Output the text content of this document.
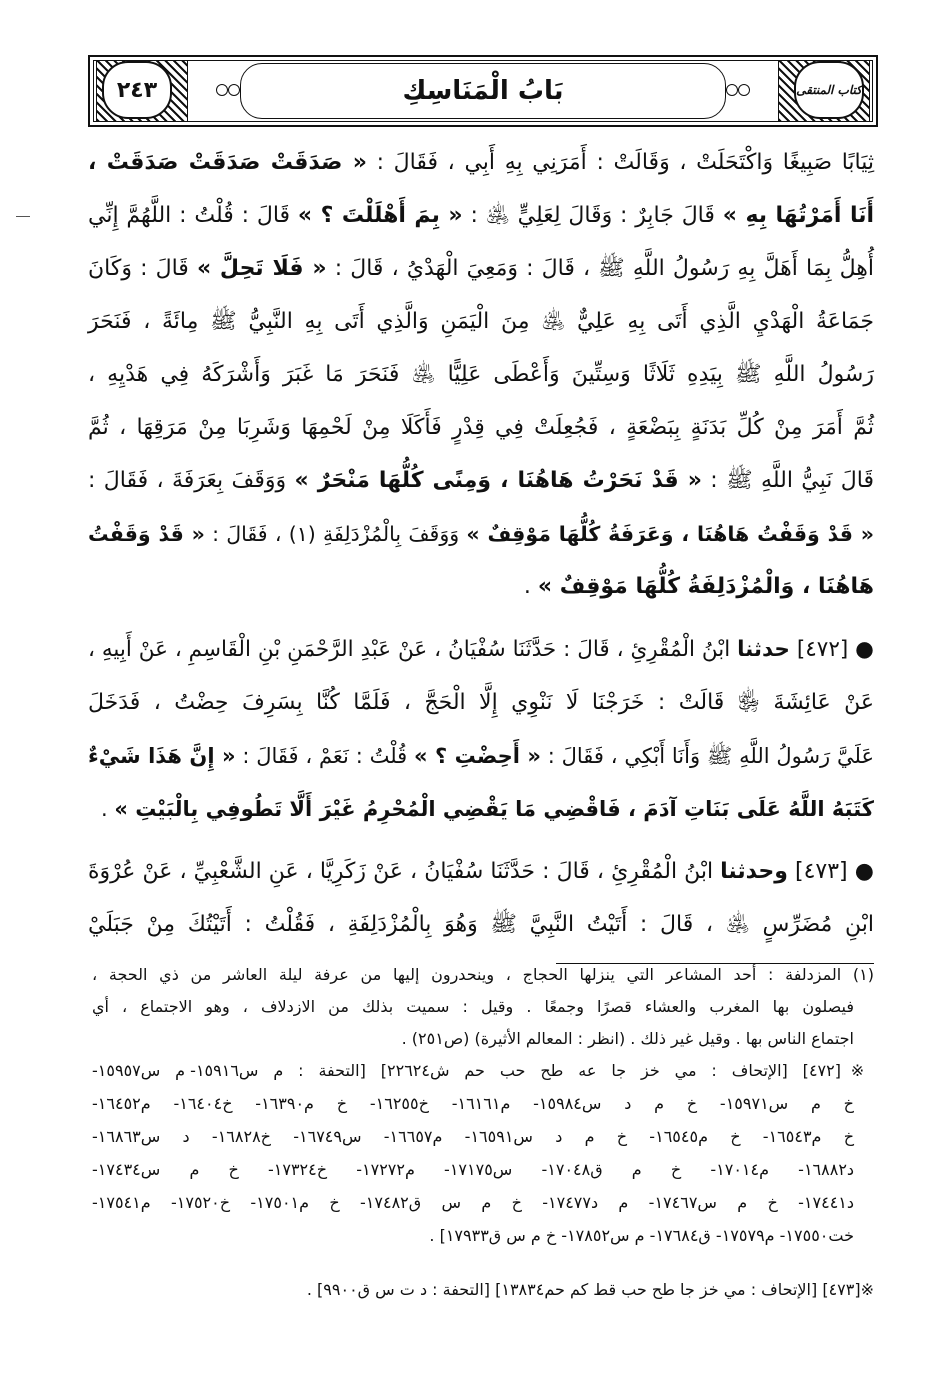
٢٤٣	كتاب المنتقى
بَابُ الْمَنَاسِكِ
ثِيَابًا صَبِيغًا وَاكْتَحَلَتْ ، وَقَالَتْ : أَمَرَنِي بِهِ أَبِي ، فَقَالَ : « صَدَقَتْ صَدَقَتْ صَدَقَتْ ،
أَنَا أَمَرْتُهَا بِهِ » قَالَ جَابِرٌ : وَقَالَ لِعَلِيٍّ ﵁ : « بِمَ أَهْلَلْتَ ؟ » قَالَ : قُلْتُ : اللَّهُمَّ إِنِّي
أُهِلُّ بِمَا أَهَلَّ بِهِ رَسُولُ اللَّهِ ﷺ ، قَالَ : وَمَعِيَ الْهَدْيُ ، قَالَ : « فَلَا تَحِلَّ » قَالَ : وَكَانَ
جَمَاعَةُ الْهَدْيِ الَّذِي أَتَى بِهِ عَلِيٌّ ﵁ مِنَ الْيَمَنِ وَالَّذِي أَتَى بِهِ النَّبِيُّ ﷺ مِائَةً ، فَنَحَرَ
رَسُولُ اللَّهِ ﷺ بِيَدِهِ ثَلَاثًا وَسِتِّينَ وَأَعْطَى عَلِيًّا ﵁ فَنَحَرَ مَا غَبَرَ وَأَشْرَكَهُ فِي هَدْيِهِ ،
ثُمَّ أَمَرَ مِنْ كُلِّ بَدَنَةٍ بِبَضْعَةٍ ، فَجُعِلَتْ فِي قِدْرٍ فَأَكَلَا مِنْ لَحْمِهَا وَشَرِبَا مِنْ مَرَقِهَا ، ثُمَّ
قَالَ نَبِيُّ اللَّهِ ﷺ : « قَدْ نَحَرْتُ هَاهُنَا ، وَمِنًى كُلُّهَا مَنْحَرٌ » وَوَقَفَ بِعَرَفَةَ ، فَقَالَ :
« قَدْ وَقَفْتُ هَاهُنَا ، وَعَرَفَةُ كُلُّهَا مَوْقِفٌ » وَوَقَفَ بِالْمُزْدَلِفَةِ (١) ، فَقَالَ : « قَدْ وَقَفْتُ
هَاهُنَا ، وَالْمُزْدَلِفَةُ كُلُّهَا مَوْقِفٌ » .
● [٤٧٢] حدثنا ابْنُ الْمُقْرِئِ ، قَالَ : حَدَّثَنَا سُفْيَانُ ، عَنْ عَبْدِ الرَّحْمَنِ بْنِ الْقَاسِمِ ، عَنْ أَبِيهِ ،
عَنْ عَائِشَةَ ﵂ قَالَتْ : خَرَجْنَا لَا نَنْوِي إِلَّا الْحَجَّ ، فَلَمَّا كُنَّا بِسَرِفَ حِضْتُ ، فَدَخَلَ
عَلَيَّ رَسُولُ اللَّهِ ﷺ وَأَنَا أَبْكِي ، فَقَالَ : « أَحِضْتِ ؟ » قُلْتُ : نَعَمْ ، فَقَالَ : « إِنَّ هَذَا شَيْءٌ
كَتَبَهُ اللَّهُ عَلَى بَنَاتِ آدَمَ ، فَاقْضِي مَا يَقْضِي الْمُحْرِمُ غَيْرَ أَلَّا تَطُوفِي بِالْبَيْتِ » .
● [٤٧٣] وحدثنا ابْنُ الْمُقْرِئِ ، قَالَ : حَدَّثَنَا سُفْيَانُ ، عَنْ زَكَرِيَّا ، عَنِ الشَّعْبِيِّ ، عَنْ عُرْوَةَ
ابْنِ مُضَرِّسٍ ﵁ ، قَالَ : أَتَيْتُ النَّبِيَّ ﷺ وَهُوَ بِالْمُزْدَلِفَةِ ، فَقُلْتُ : أَتَيْتُكَ مِنْ جَبَلَيْ
(١) المزدلفة : أحد المشاعر التي ينزلها الحجاج ، وينحدرون إليها من عرفة ليلة العاشر من ذي الحجة ،
فيصلون بها المغرب والعشاء قصرًا وجمعًا . وقيل : سميت بذلك من الازدلاف ، وهو الاجتماع ، أي
اجتماع الناس بها . وقيل غير ذلك . (انظر : المعالم الأثيرة) (ص٢٥١) .
※[٤٧٢] [الإتحاف : مي خز جا عه طح حب حم ش٢٢٦٢٤] [التحفة : م س١٥٩١٦- م س١٥٩٥٧-
خ م س١٥٩٧١- خ م د س١٥٩٨٤- م١٦١٦١- خ١٦٢٥٥- خ م١٦٣٩٠- خ١٦٤٠٤- م١٦٤٥٢-
خ م١٦٥٤٣- خ م١٦٥٤٥- خ م د س١٦٥٩١- م١٦٦٥٧- س١٦٧٤٩- خ١٦٨٢٨- د س١٦٨٦٣-
د١٦٨٨٢- م١٧٠١٤- خ م ق١٧٠٤٨- س١٧١٧٥- م١٧٢٧٢- خ١٧٣٢٤- خ م س١٧٤٣٤-
د١٧٤٤١- خ م س١٧٤٦٧- م د١٧٤٧٧- خ م س ق١٧٤٨٢- خ م١٧٥٠١- خ١٧٥٢٠- م١٧٥٤١-
خت١٧٥٥٠- م١٧٥٧٩- ق١٧٦٨٤- م س١٧٨٥٢- خ م س ق١٧٩٣٣] .
※[٤٧٣] [الإتحاف : مي خز جا طح حب قط كم حم١٣٨٣٤] [التحفة : د ت س ق٩٩٠٠] .
